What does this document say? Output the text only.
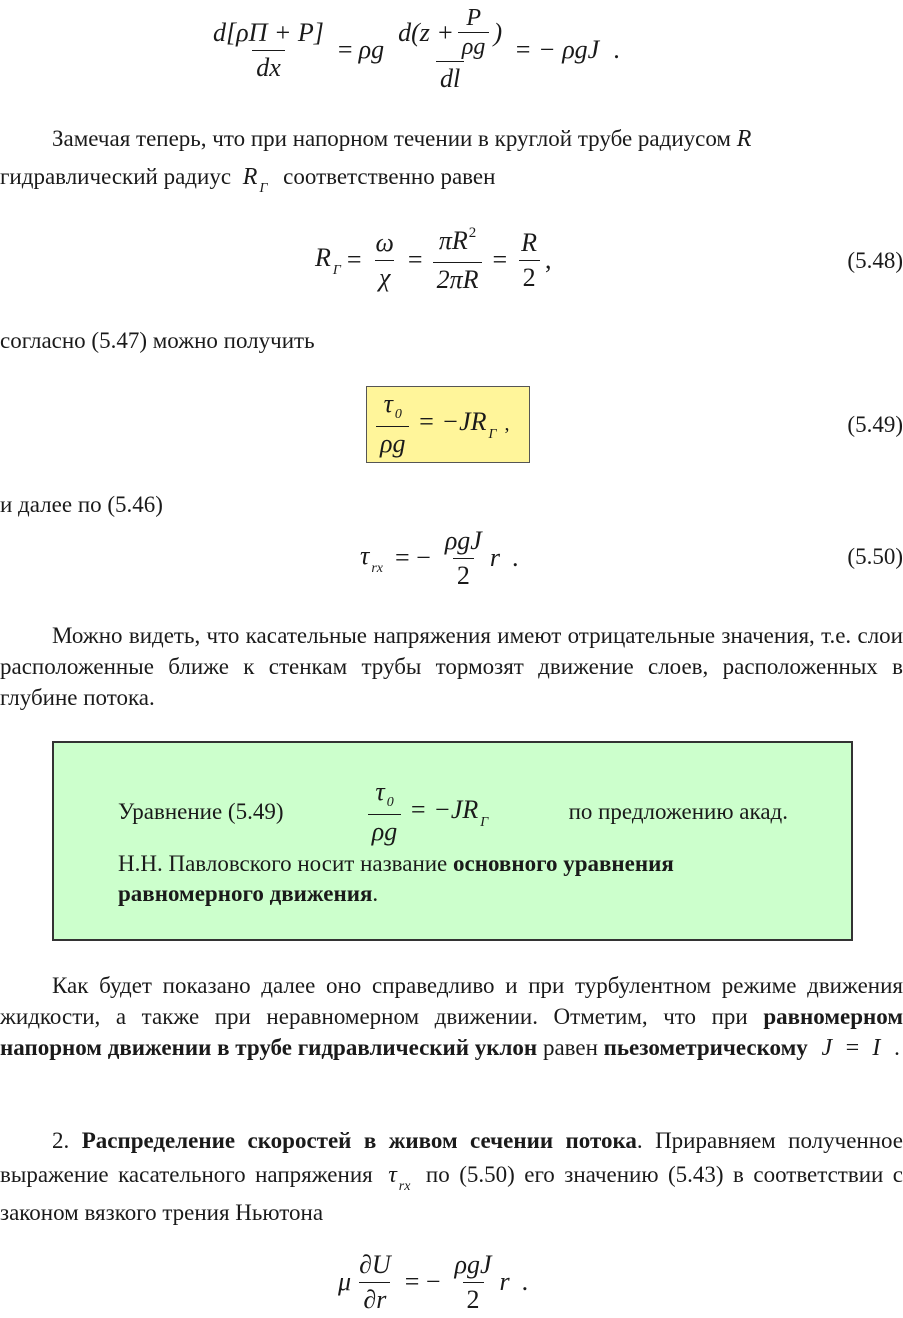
$\frac{d[\rho\Pi + P]}{dx} = \rho g \frac{d(z + \frac{P}{\rho g} )}{dl}$ = − ρgJ .
Замечая теперь, что при напорном течении в круглой трубе радиусом R
гидравлический радиус R $_Г$ соответственно равен
R $_Г = \frac{\omega}{\chi} = \frac{\pi R^2}{2\pi R} = \frac{R}{2}$ ,	(5.48)
согласно (5.47) можно получить
$\frac{\tau _0}{\rho g} = -JR$ $_Г$ ,	(5.49)
и далее по (5.46)
τ $_{rx}$ = − $\frac{\text{ρgJ}}{2}$ r .	(5.50)
Можно видеть, что касательные напряжения имеют отрицательные значения, т.е. слои расположенные ближе к стенкам трубы тормозят движение слоев, расположенных в глубине потока.
Уравнение (5.49)	$\frac{\tau _0}{\rho g} = -JR$ $_Г$	по предложению акад.
Н.Н. Павловского носит название основного уравнения
равномерного движения.
Как будет показано далее оно справедливо и при турбулентном режиме движения жидкости, а также при неравномерном движении. Отметим, что при равномерном напорном движении в трубе гидравлический уклон равен пьезометрическому J = I .
2. Распределение скоростей в живом сечении потока. Приравняем полученное выражение касательного напряжения τ $_{rx}$ по (5.50) его значению (5.43) в соответствии с законом вязкого трения Ньютона
μ $\frac{\partial U}{\partial r}$ = − $\frac{\text{ρgJ}}{2}$ r .
